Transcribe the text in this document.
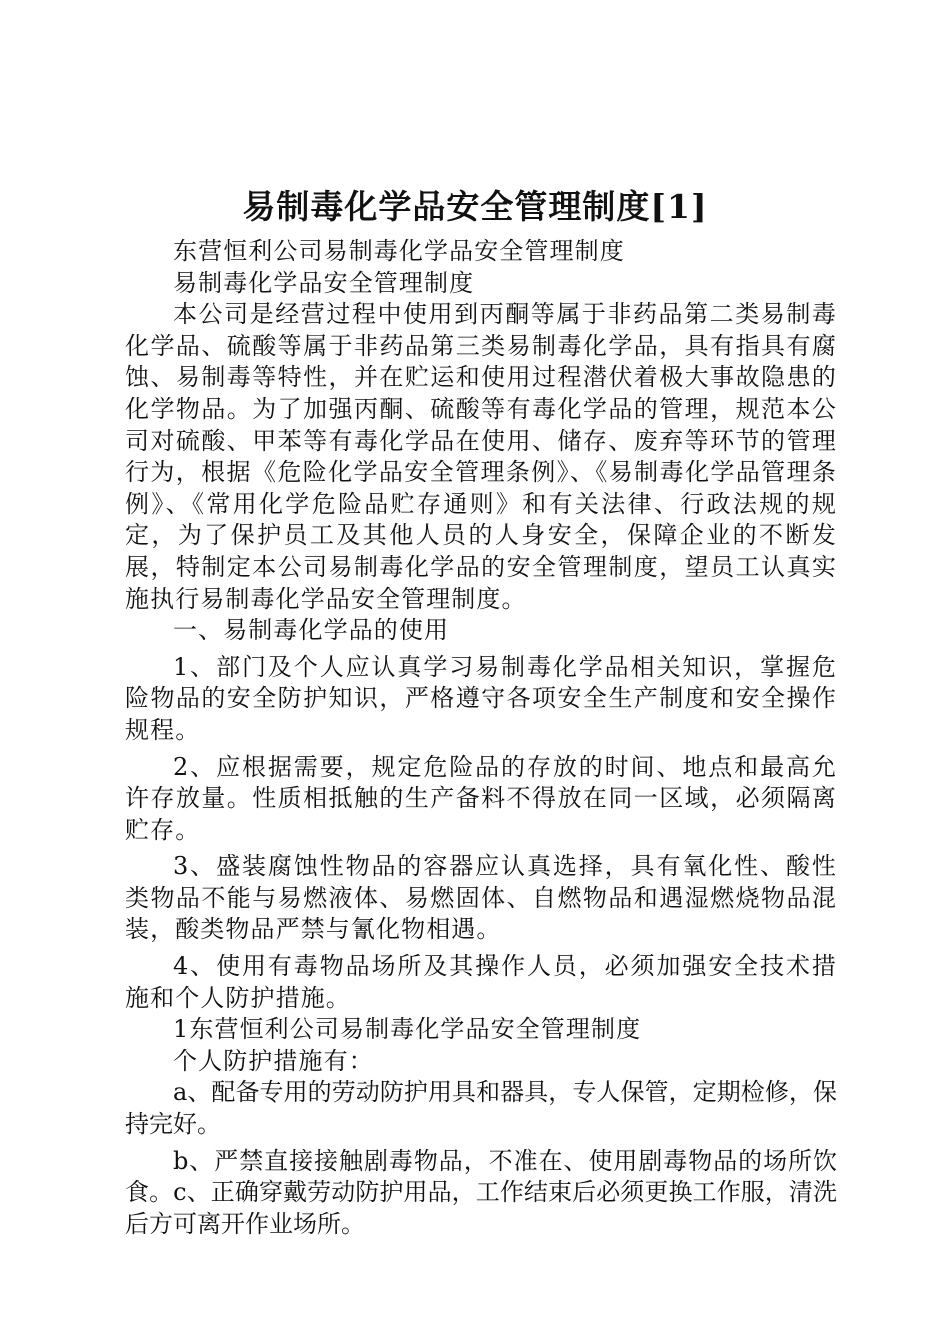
易制毒化学品安全管理制度[1]

东营恒利公司易制毒化学品安全管理制度

易制毒化学品安全管理制度

本公司是经营过程中使用到丙酮等属于非药品第二类易制毒化学品、硫酸等属于非药品第三类易制毒化学品，具有指具有腐蚀、易制毒等特性，并在贮运和使用过程潜伏着极大事故隐患的化学物品。为了加强丙酮、硫酸等有毒化学品的管理，规范本公司对硫酸、甲苯等有毒化学品在使用、储存、废弃等环节的管理行为，根据《危险化学品安全管理条例》、《易制毒化学品管理条例》、《常用化学危险品贮存通则》和有关法律、行政法规的规定，为了保护员工及其他人员的人身安全，保障企业的不断发展，特制定本公司易制毒化学品的安全管理制度，望员工认真实施执行易制毒化学品安全管理制度。

一、易制毒化学品的使用

1、部门及个人应认真学习易制毒化学品相关知识，掌握危险物品的安全防护知识，严格遵守各项安全生产制度和安全操作规程。

2、应根据需要，规定危险品的存放的时间、地点和最高允许存放量。性质相抵触的生产备料不得放在同一区域，必须隔离贮存。

3、盛装腐蚀性物品的容器应认真选择，具有氧化性、酸性类物品不能与易燃液体、易燃固体、自燃物品和遇湿燃烧物品混装，酸类物品严禁与氰化物相遇。

4、使用有毒物品场所及其操作人员，必须加强安全技术措施和个人防护措施。

1东营恒利公司易制毒化学品安全管理制度

个人防护措施有：

a、配备专用的劳动防护用具和器具，专人保管，定期检修，保持完好。

b、严禁直接接触剧毒物品，不准在、使用剧毒物品的场所饮食。c、正确穿戴劳动防护用品，工作结束后必须更换工作服，清洗后方可离开作业场所。
